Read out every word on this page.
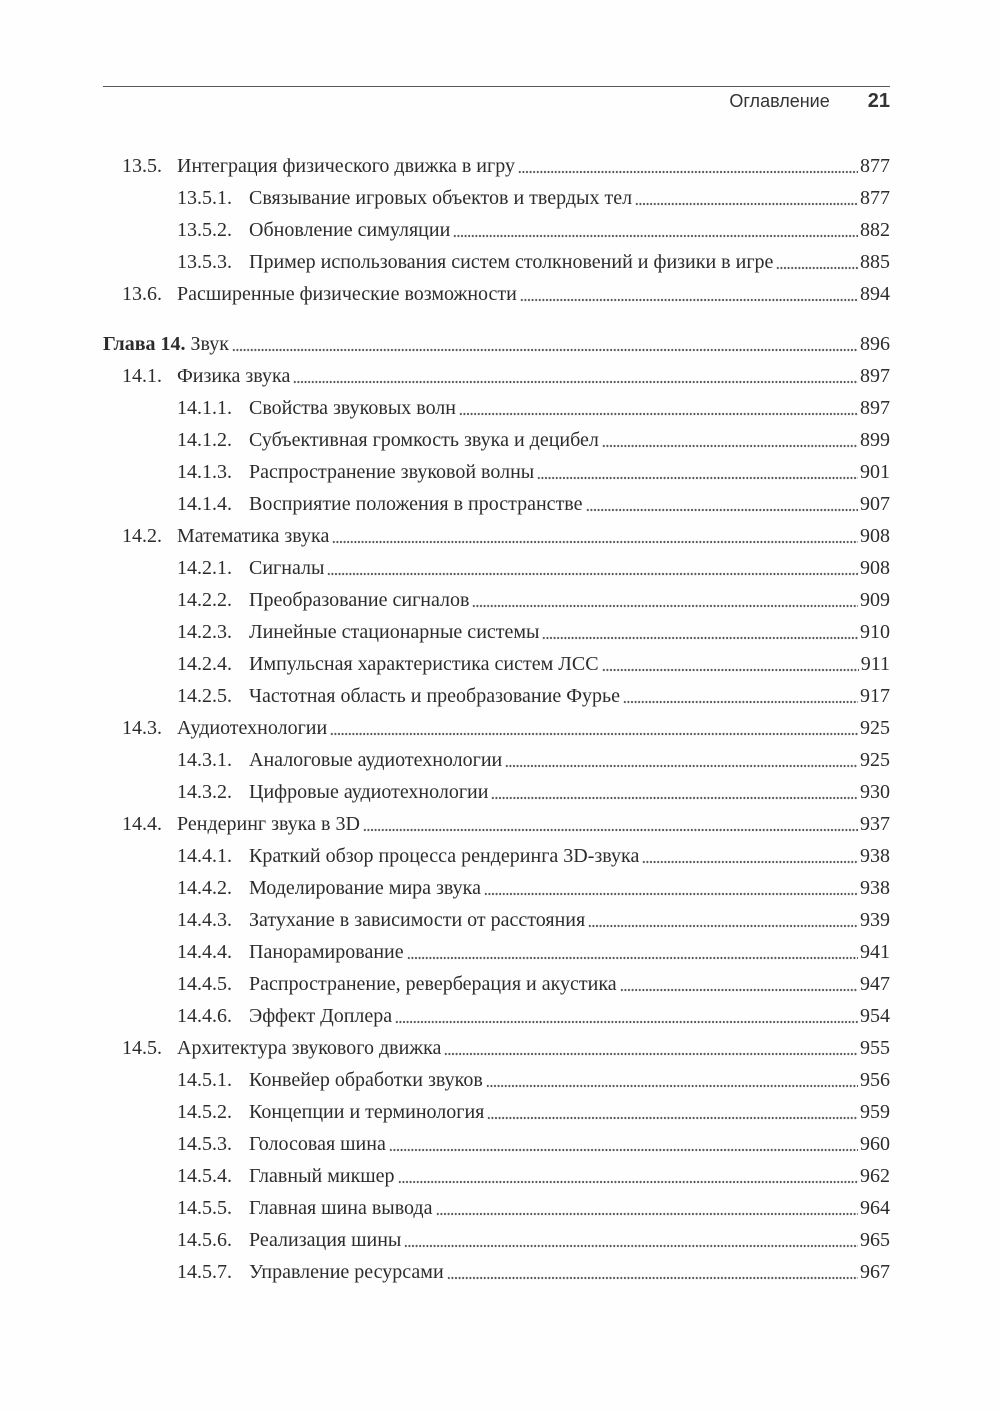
Оглавление 21
13.5. Интеграция физического движка в игру	877
13.5.1. Связывание игровых объектов и твердых тел	877
13.5.2. Обновление симуляции	882
13.5.3. Пример использования систем столкновений и физики в игре	885
13.6. Расширенные физические возможности	894
Глава 14. Звук	896
14.1. Физика звука	897
14.1.1. Свойства звуковых волн	897
14.1.2. Субъективная громкость звука и децибел	899
14.1.3. Распространение звуковой волны	901
14.1.4. Восприятие положения в пространстве	907
14.2. Математика звука	908
14.2.1. Сигналы	908
14.2.2. Преобразование сигналов	909
14.2.3. Линейные стационарные системы	910
14.2.4. Импульсная характеристика систем ЛСС	911
14.2.5. Частотная область и преобразование Фурье	917
14.3. Аудиотехнологии	925
14.3.1. Аналоговые аудиотехнологии	925
14.3.2. Цифровые аудиотехнологии	930
14.4. Рендеринг звука в 3D	937
14.4.1. Краткий обзор процесса рендеринга 3D-звука	938
14.4.2. Моделирование мира звука	938
14.4.3. Затухание в зависимости от расстояния	939
14.4.4. Панорамирование	941
14.4.5. Распространение, реверберация и акустика	947
14.4.6. Эффект Доплера	954
14.5. Архитектура звукового движка	955
14.5.1. Конвейер обработки звуков	956
14.5.2. Концепции и терминология	959
14.5.3. Голосовая шина	960
14.5.4. Главный микшер	962
14.5.5. Главная шина вывода	964
14.5.6. Реализация шины	965
14.5.7. Управление ресурсами	967
